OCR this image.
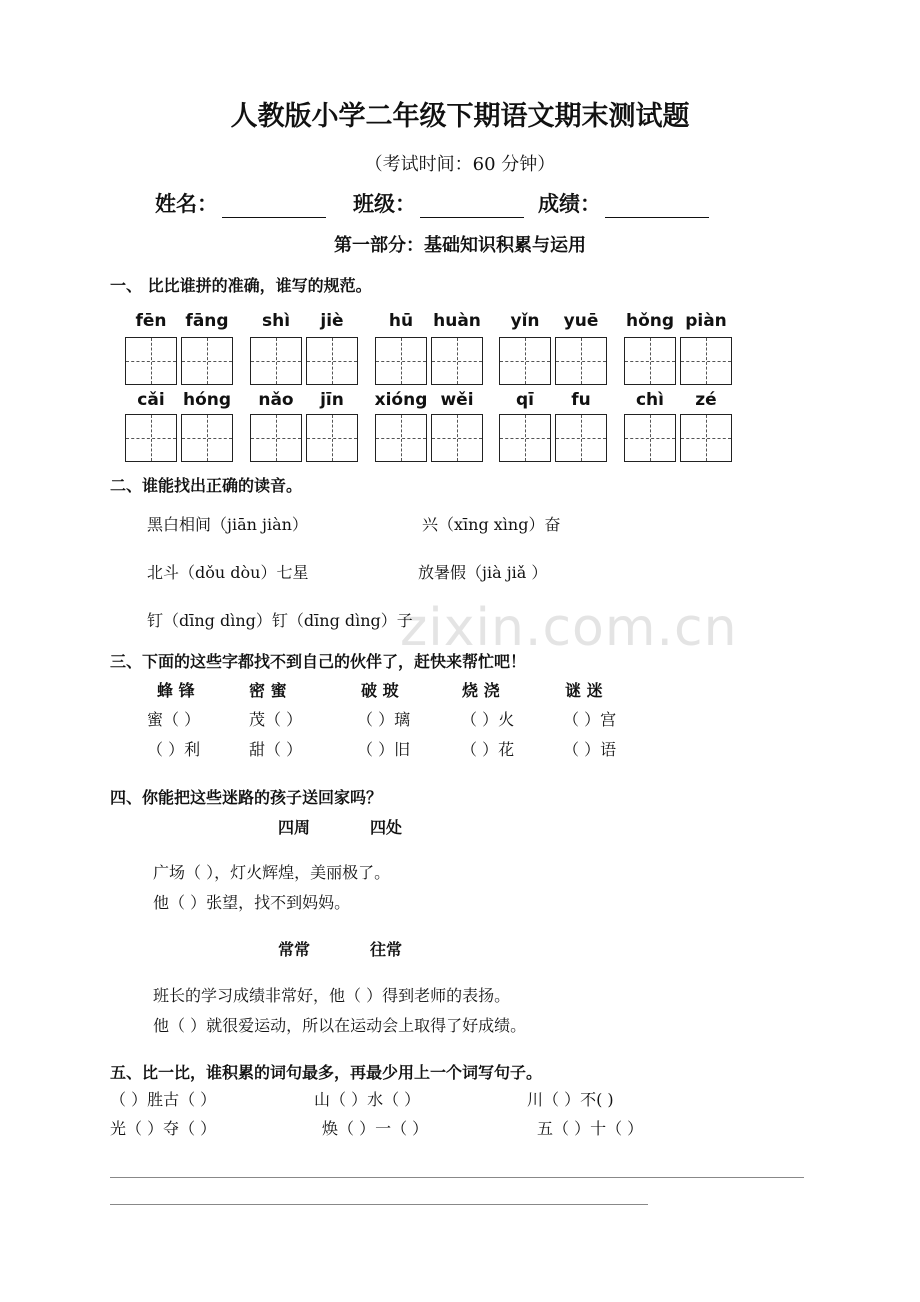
zixin.com.cn
人教版小学二年级下期语文期末测试题
（考试时间：60 分钟）
姓名：	班级：	成绩：
第一部分：基础知识积累与运用
一、 比比谁拼的准确，谁写的规范。
fēn	fāng	shì	jiè	hū	huàn	yǐn	yuē	hǒng piàn
cǎi	hóng	nǎo	jīn	xióng wěi	qī	fu	chì	zé
二、谁能找出正确的读音。
黑白相间（jiān jiàn）	兴（xīng xìng）奋
北斗（dǒu dòu）七星	放暑假（jià jiǎ ）
钉（dīng dìng）钉（dīng dìng）子
三、下面的这些字都找不到自己的伙伴了，赶快来帮忙吧！
蜂 锋	密 蜜	破 玻	烧 浇	谜 迷
蜜（ ）	茂（ ）	（ ）璃	（ ）火	（ ）宫
（ ）利	甜（ ）	（ ）旧	（ ）花	（ ）语
四、你能把这些迷路的孩子送回家吗？
四周	四处
广场（ ），灯火辉煌，美丽极了。
他（ ）张望，找不到妈妈。
常常	往常
班长的学习成绩非常好，他（ ）得到老师的表扬。
他（ ）就很爱运动，所以在运动会上取得了好成绩。
五、比一比，谁积累的词句最多，再最少用上一个词写句子。
（ ）胜古（ ）	山（ ）水（ ）	川（ ）不( )
光（ ）夺（ ）	焕（ ）一（ ）	五（ ）十（ ）
